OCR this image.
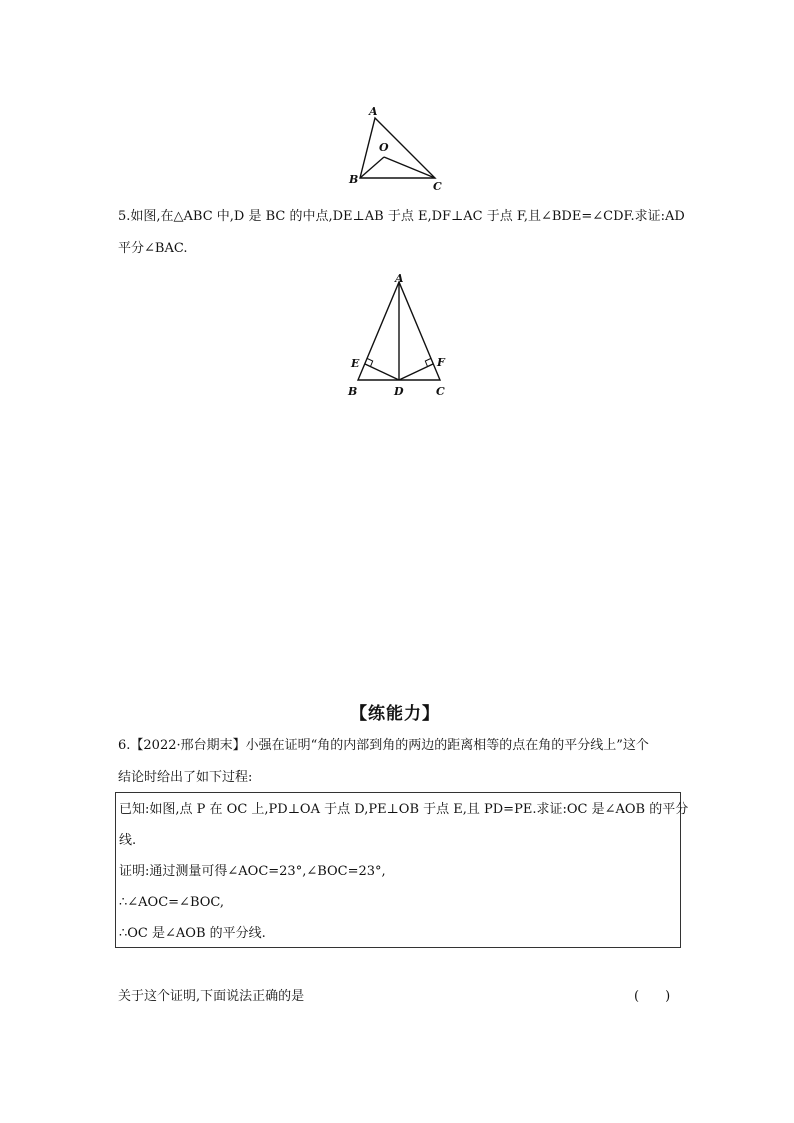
A
O
B
C
5.如图,在△ABC 中,D 是 BC 的中点,DE⊥AB 于点 E,DF⊥AC 于点 F,且∠BDE=∠CDF.求证:AD
平分∠BAC.
A
E	F
B	D	C
【练能力】
6.【2022·邢台期末】小强在证明“角的内部到角的两边的距离相等的点在角的平分线上”这个
结论时给出了如下过程:
已知:如图,点 P 在 OC 上,PD⊥OA 于点 D,PE⊥OB 于点 E,且 PD=PE.求证:OC 是∠AOB 的平分
线.
证明:通过测量可得∠AOC=23°,∠BOC=23°,
∴∠AOC=∠BOC,
∴OC 是∠AOB 的平分线.
关于这个证明,下面说法正确的是	(　　)
